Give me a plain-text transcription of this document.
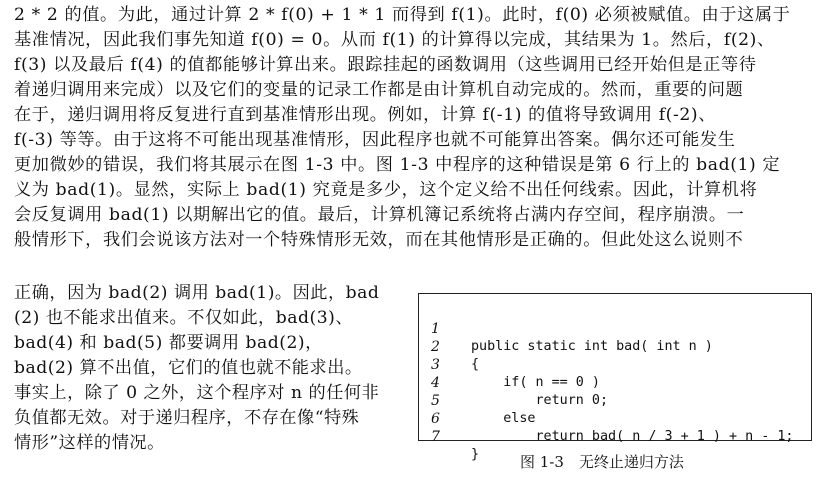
2 * 2 的值。为此，通过计算 2 * f(0) + 1 * 1 而得到 f(1)。此时，f(0) 必须被赋值。由于这属于
基准情况，因此我们事先知道 f(0) = 0。从而 f(1) 的计算得以完成，其结果为 1。然后，f(2)、
f(3) 以及最后 f(4) 的值都能够计算出来。跟踪挂起的函数调用（这些调用已经开始但是正等待
着递归调用来完成）以及它们的变量的记录工作都是由计算机自动完成的。然而，重要的问题
在于，递归调用将反复进行直到基准情形出现。例如，计算 f(-1) 的值将导致调用 f(-2)、
f(-3) 等等。由于这将不可能出现基准情形，因此程序也就不可能算出答案。偶尔还可能发生
更加微妙的错误，我们将其展示在图 1-3 中。图 1-3 中程序的这种错误是第 6 行上的 bad(1) 定
义为 bad(1)。显然，实际上 bad(1) 究竟是多少，这个定义给不出任何线索。因此，计算机将
会反复调用 bad(1) 以期解出它的值。最后，计算机簿记系统将占满内存空间，程序崩溃。一
般情形下，我们会说该方法对一个特殊情形无效，而在其他情形是正确的。但此处这么说则不
正确，因为 bad(2) 调用 bad(1)。因此，bad
(2) 也不能求出值来。不仅如此，bad(3)、
bad(4) 和 bad(5) 都要调用 bad(2)，
bad(2) 算不出值，它们的值也就不能求出。
事实上，除了 0 之外，这个程序对 n 的任何非
负值都无效。对于递归程序，不存在像“特殊
情形”这样的情况。

1

public static int bad( int n )

2

{

3

if( n == 0 )

4

return 0;

5

else

6

return bad( n / 3 + 1 ) + n - 1;

7

}

	图 1-3　无终止递归方法
